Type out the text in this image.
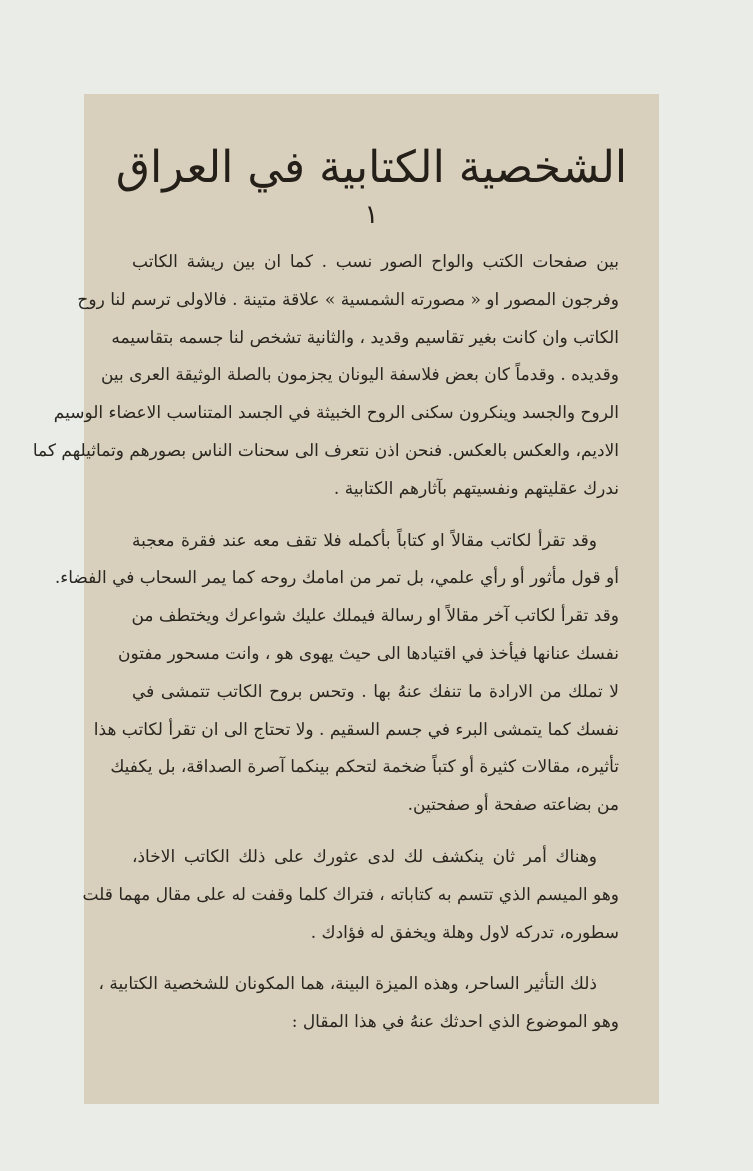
الشخصية الكتابية في العراق
١

بين صفحات الكتب والواح الصور نسب . كما ان بين ريشة الكاتب
وفرجون المصور او « مصورته الشمسية » علاقة متينة . فالاولى ترسم لنا روح
الكاتب وان كانت بغير تقاسيم وقديد ، والثانية تشخص لنا جسمه بتقاسيمه
وقديده . وقدماً كان بعض فلاسفة اليونان يجزمون بالصلة الوثيقة العرى بين
الروح والجسد وينكرون سكنى الروح الخبيثة في الجسد المتناسب الاعضاء الوسيم
الاديم، والعكس بالعكس. فنحن اذن نتعرف الى سحنات الناس بصورهم وتماثيلهم كما
ندرك عقليتهم ونفسيتهم بآثارهم الكتابية .

وقد تقرأ لكاتب مقالاً او كتاباً بأكمله فلا تقف معه عند فقرة معجبة
أو قول مأثور أو رأي علمي، بل تمر من امامك روحه كما يمر السحاب في الفضاء.
وقد تقرأ لكاتب آخر مقالاً او رسالة فيملك عليك شواعرك ويختطف من
نفسك عنانها فيأخذ في اقتيادها الى حيث يهوى هو ، وانت مسحور مفتون
لا تملك من الارادة ما تنفك عنهُ بها . وتحس بروح الكاتب تتمشى في
نفسك كما يتمشى البرء في جسم السقيم . ولا تحتاج الى ان تقرأ لكاتب هذا
تأثيره، مقالات كثيرة أو كتباً ضخمة لتحكم بينكما آصرة الصداقة، بل يكفيك
من بضاعته صفحة أو صفحتين.

وهناك أمر ثان ينكشف لك لدى عثورك على ذلك الكاتب الاخاذ،
وهو الميسم الذي تتسم به كتاباته ، فتراك كلما وقفت له على مقال مهما قلت
سطوره، تدركه لاول وهلة ويخفق له فؤادك .

ذلك التأثير الساحر، وهذه الميزة البينة، هما المكونان للشخصية الكتابية ،
وهو الموضوع الذي احدثك عنهُ في هذا المقال :
